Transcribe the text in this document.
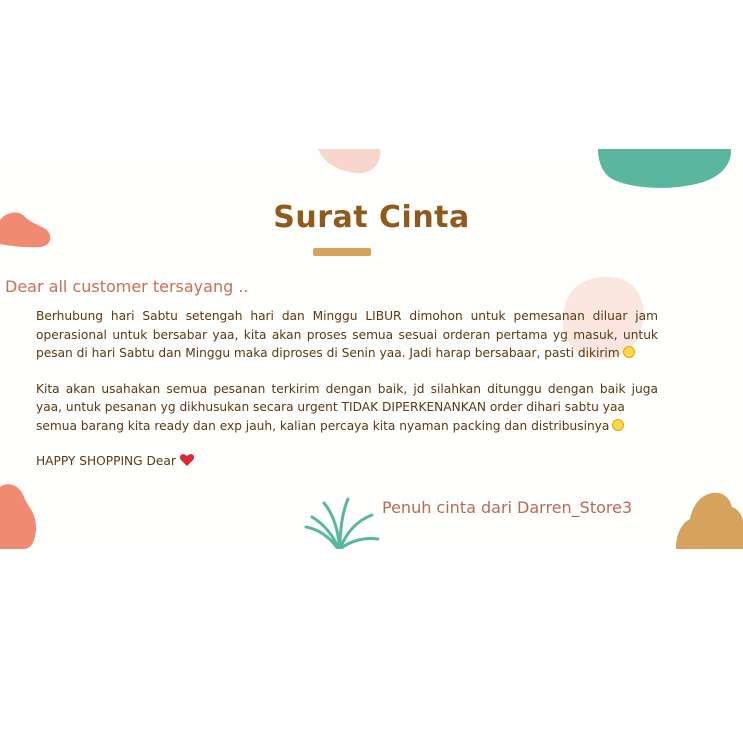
Surat Cinta

Dear all customer tersayang ..

Berhubung hari Sabtu setengah hari dan Minggu LIBUR dimohon untuk pemesanan diluar jam operasional untuk bersabar yaa, kita akan proses semua sesuai orderan pertama yg masuk, untuk pesan di hari Sabtu dan Minggu maka diproses di Senin yaa. Jadi harap bersabaar, pasti dikirim

Kita akan usahakan semua pesanan terkirim dengan baik, jd silahkan ditunggu dengan baik juga yaa, untuk pesanan yg dikhusukan secara urgent TIDAK DIPERKENANKAN order dihari sabtu yaa
semua barang kita ready dan exp jauh, kalian percaya kita nyaman packing dan distribusinya

HAPPY SHOPPING Dear

Penuh cinta dari Darren_Store3
